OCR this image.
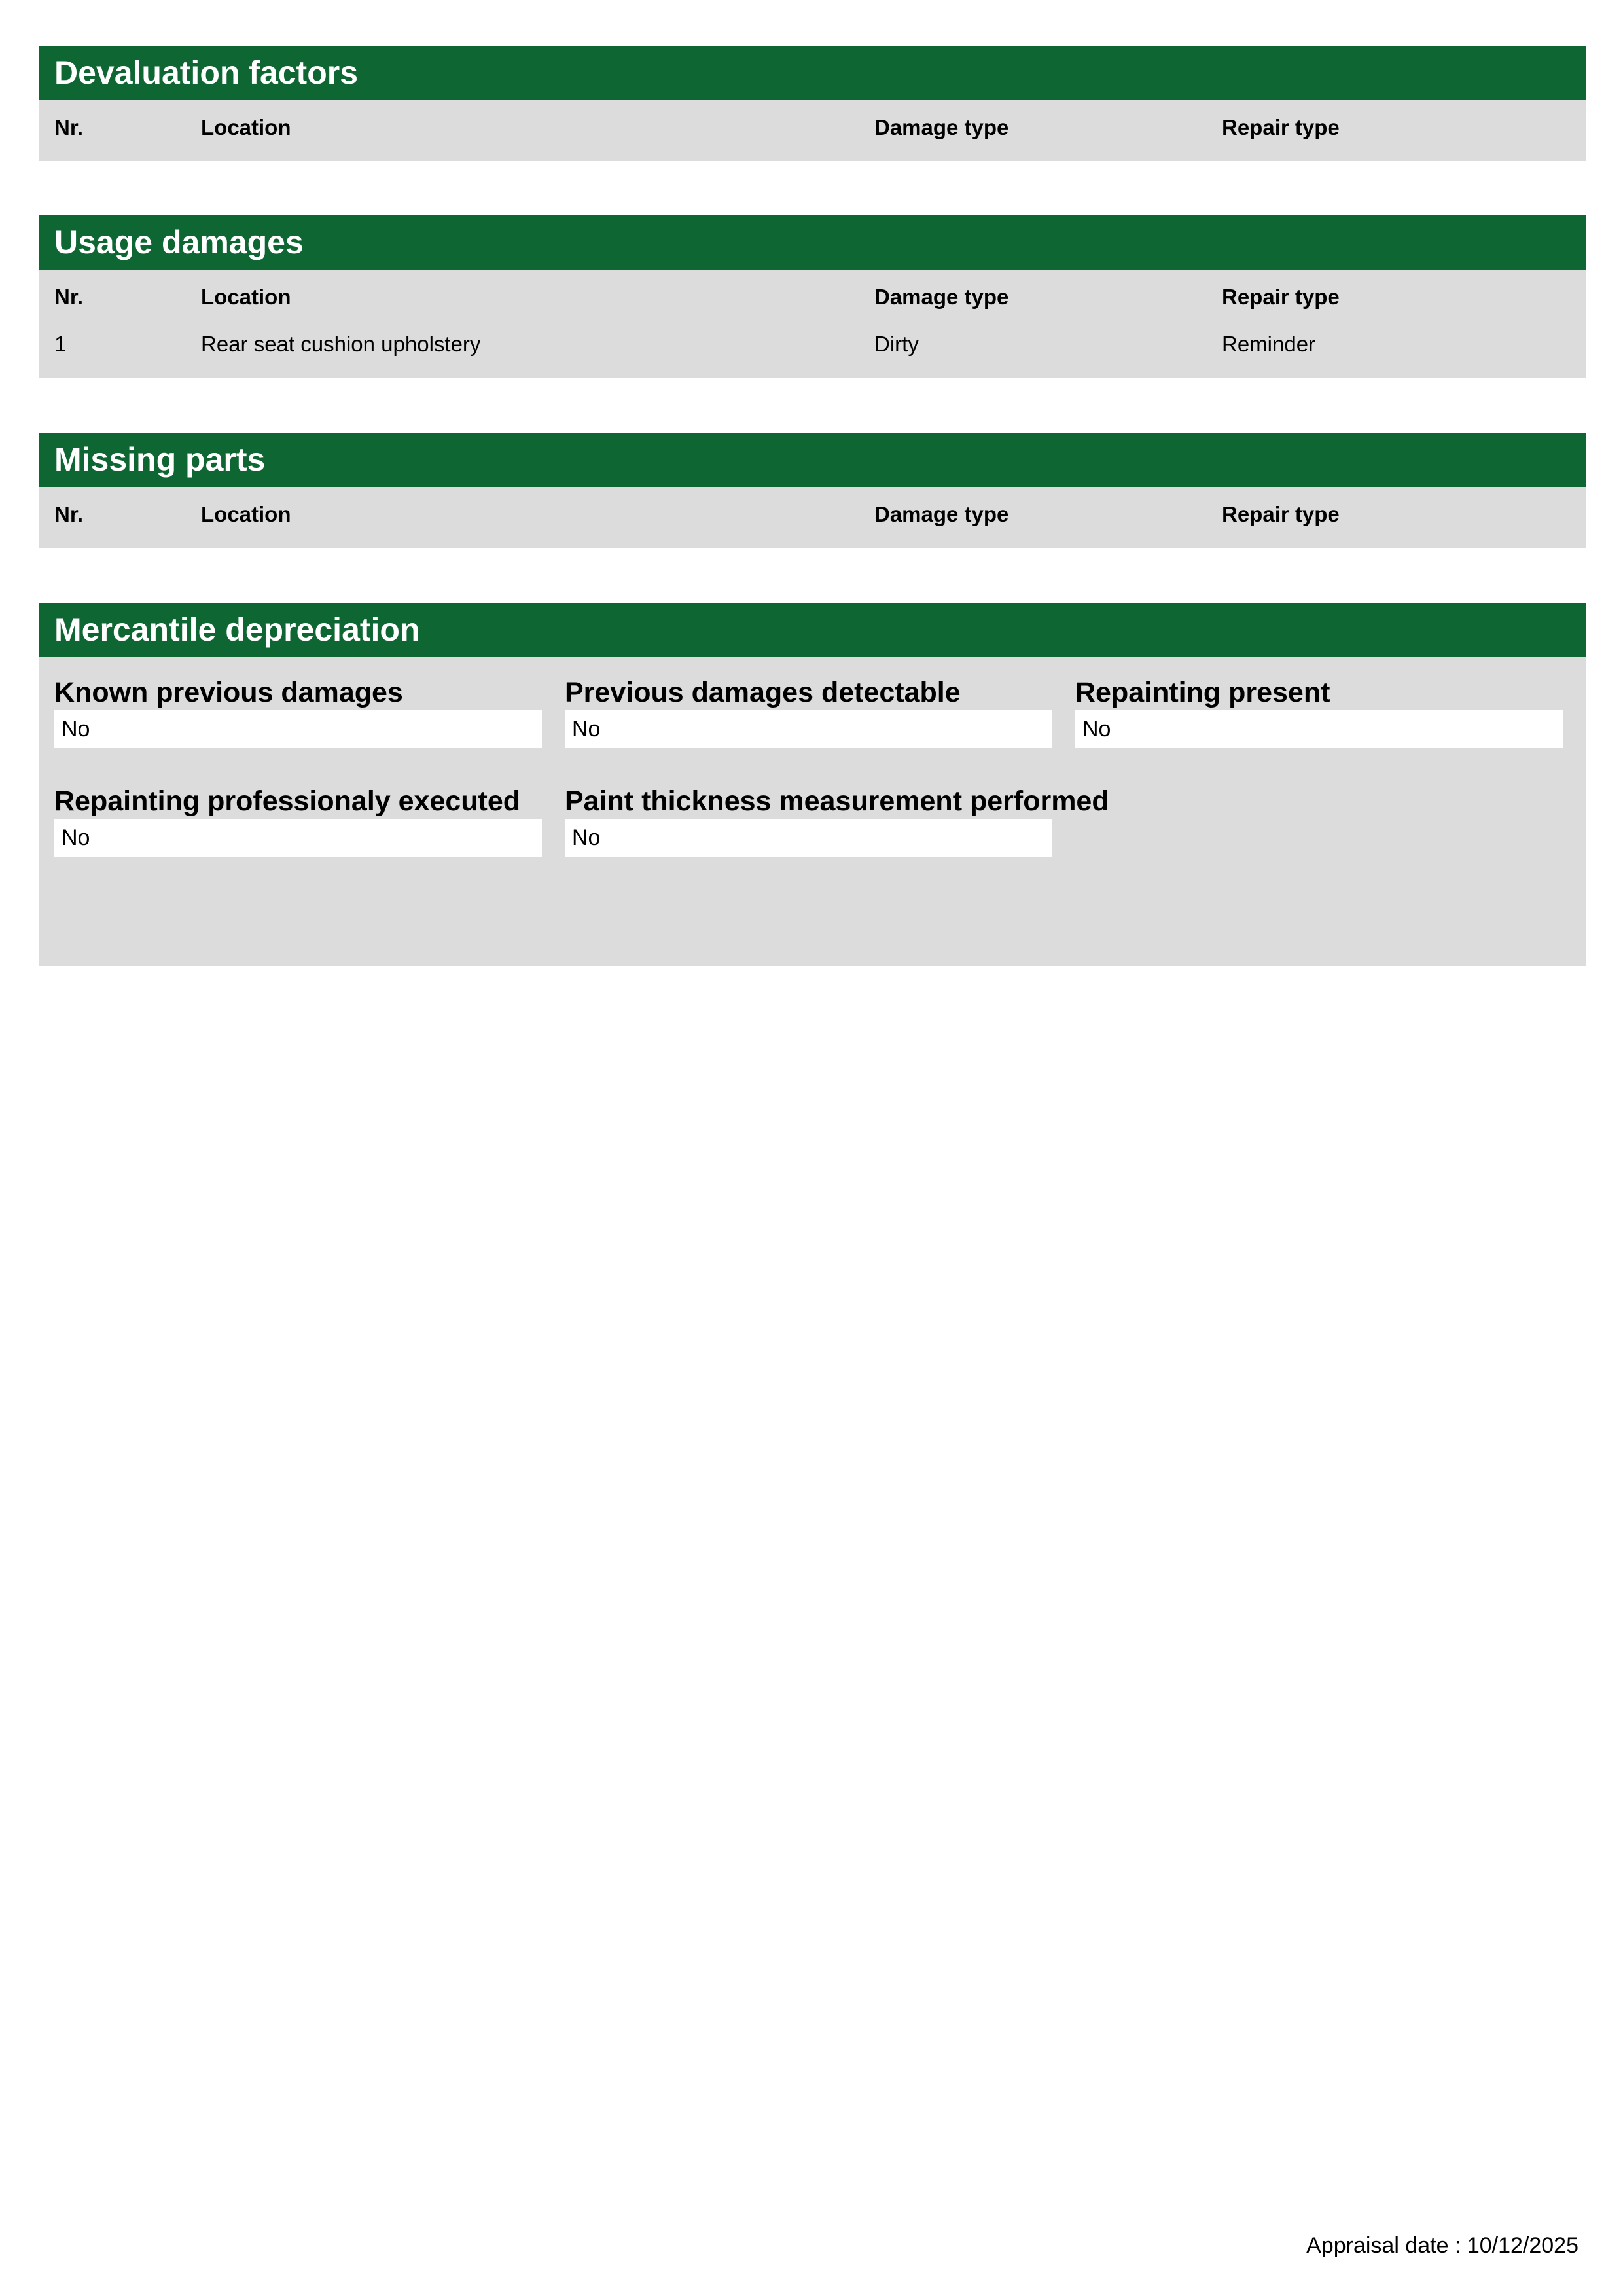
Devaluation factors
Nr.	Location	Damage type	Repair type
Usage damages
Nr.	Location	Damage type	Repair type
1	Rear seat cushion upholstery	Dirty	Reminder
Missing parts
Nr.	Location	Damage type	Repair type
Mercantile depreciation
Known previous damages
No
Previous damages detectable
No
Repainting present
No
Repainting professionaly executed
No
Paint thickness measurement performed
No
Appraisal date : 10/12/2025
